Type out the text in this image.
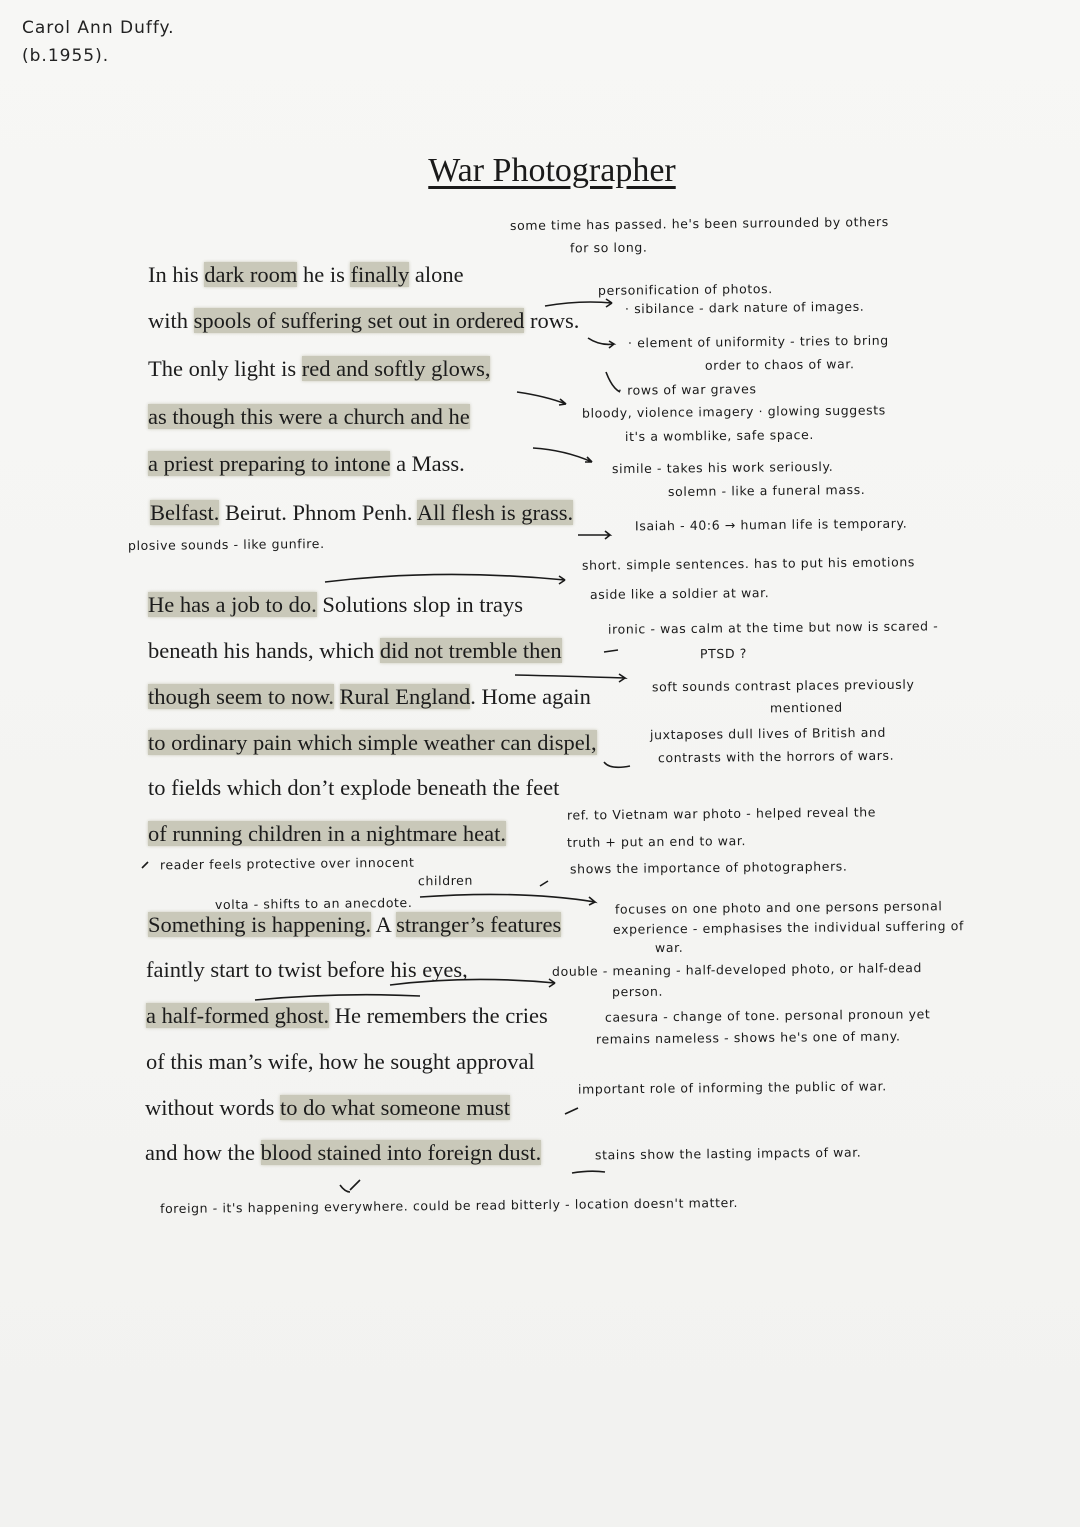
Carol Ann Duffy.
(b.1955).
War Photographer
In his dark room he is finally alone
with spools of suffering set out in ordered rows.
The only light is red and softly glows,
as though this were a church and he
a priest preparing to intone a Mass.
Belfast. Beirut. Phnom Penh. All flesh is grass.
He has a job to do. Solutions slop in trays
beneath his hands, which did not tremble then
though seem to now. Rural England. Home again
to ordinary pain which simple weather can dispel,
to fields which don’t explode beneath the feet
of running children in a nightmare heat.
Something is happening. A stranger’s features
faintly start to twist before his eyes,
a half-formed ghost. He remembers the cries
of this man’s wife, how he sought approval
without words to do what someone must
and how the blood stained into foreign dust.
some time has passed. he's been surrounded by others
for so long.
personification of photos.
· sibilance - dark nature of images.
· element of uniformity - tries to bring
order to chaos of war.
· rows of war graves
bloody, violence imagery · glowing suggests
it's a womblike, safe space.
simile - takes his work seriously.
solemn - like a funeral mass.
Isaiah - 40:6 → human life is temporary.
plosive sounds - like gunfire.
short. simple sentences. has to put his emotions
aside like a soldier at war.
ironic - was calm at the time but now is scared -
PTSD ?
soft sounds contrast places previously
mentioned
juxtaposes dull lives of British and
contrasts with the horrors of wars.
ref. to Vietnam war photo - helped reveal the
truth + put an end to war.
shows the importance of photographers.
reader feels protective over innocent
children
volta - shifts to an anecdote.	focuses on one photo and one persons personal
experience - emphasises the individual suffering of
war.
double - meaning - half-developed photo, or half-dead
person.
caesura - change of tone. personal pronoun yet
remains nameless - shows he's one of many.
important role of informing the public of war.
stains show the lasting impacts of war.
foreign - it's happening everywhere. could be read bitterly - location doesn't matter.
